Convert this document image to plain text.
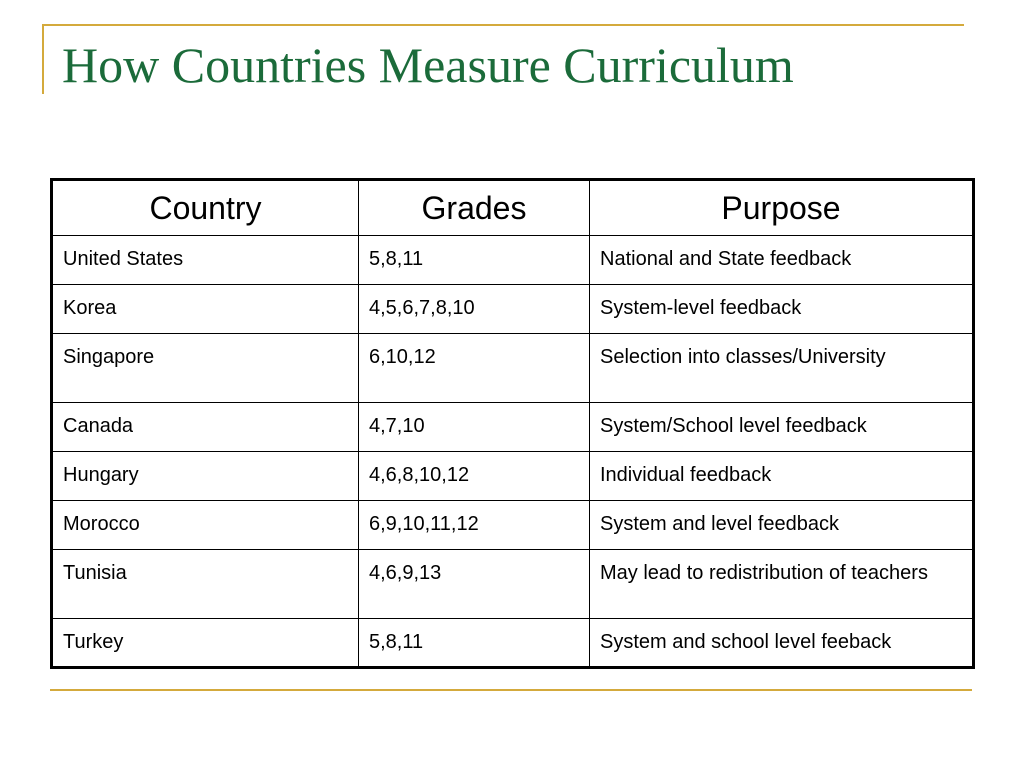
How Countries Measure Curriculum
Country	Grades	Purpose
United States	5,8,11	National and State feedback
Korea	4,5,6,7,8,10	System-level feedback
Singapore	6,10,12	Selection into classes/University
Canada	4,7,10	System/School level feedback
Hungary	4,6,8,10,12	Individual feedback
Morocco	6,9,10,11,12	System and level feedback
Tunisia	4,6,9,13	May lead to redistribution of teachers
Turkey	5,8,11	System and school level feeback
